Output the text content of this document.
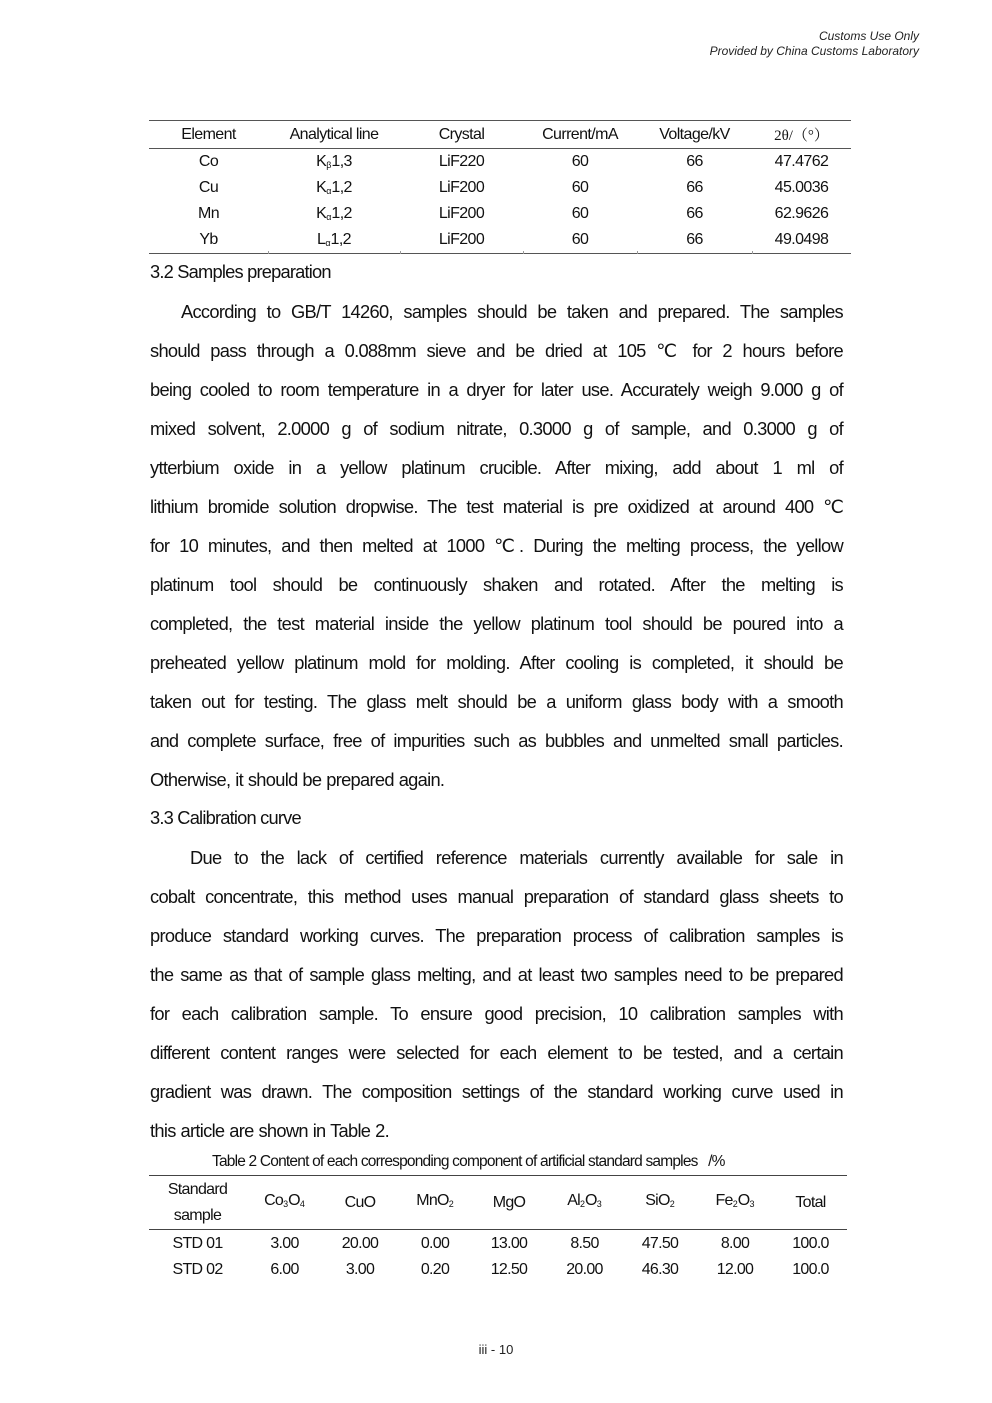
Customs Use Only
Provided by China Customs Laboratory
Element	Analytical line	Crystal	Current/mA	Voltage/kV	2θ/（°）
Co	$K_\beta 1,3$	LiF220	60	66	47.4762
Cu	$K_\alpha 1,2$	LiF200	60	66	45.0036
Mn	$K_\alpha 1,2$	LiF200	60	66	62.9626
Yb	$L_\alpha 1,2$	LiF200	60	66	49.0498
3.2 Samples preparation

According to GB/T 14260, samples should be taken and prepared. The samples
should pass through a 0.088mm sieve and be dried at 105 ℃ for 2 hours before
being cooled to room temperature in a dryer for later use. Accurately weigh 9.000 g of
mixed solvent, 2.0000 g of sodium nitrate, 0.3000 g of sample, and 0.3000 g of
ytterbium oxide in a yellow platinum crucible. After mixing, add about 1 ml of
lithium bromide solution dropwise. The test material is pre oxidized at around 400 ℃
for 10 minutes, and then melted at 1000 ℃. During the melting process, the yellow
platinum tool should be continuously shaken and rotated. After the melting is
completed, the test material inside the yellow platinum tool should be poured into a
preheated yellow platinum mold for molding. After cooling is completed, it should be
taken out for testing. The glass melt should be a uniform glass body with a smooth
and complete surface, free of impurities such as bubbles and unmelted small particles.
Otherwise, it should be prepared again.

3.3 Calibration curve

Due to the lack of certified reference materials currently available for sale in
cobalt concentrate, this method uses manual preparation of standard glass sheets to
produce standard working curves. The preparation process of calibration samples is
the same as that of sample glass melting, and at least two samples need to be prepared
for each calibration sample. To ensure good precision, 10 calibration samples with
different content ranges were selected for each element to be tested, and a certain
gradient was drawn. The composition settings of the standard working curve used in
this article are shown in Table 2.

Table 2 Content of each corresponding component of artificial standard samples /%
Standard
sample	$Co_3O_4$	CuO	MnO$_2$	MgO	$Al_2O_3$	SiO$_2$	$Fe_2O_3$	Total
STD 01	3.00	20.00	0.00	13.00	8.50	47.50	8.00	100.0
STD 02	6.00	3.00	0.20	12.50	20.00	46.30	12.00	100.0
iii - 10
